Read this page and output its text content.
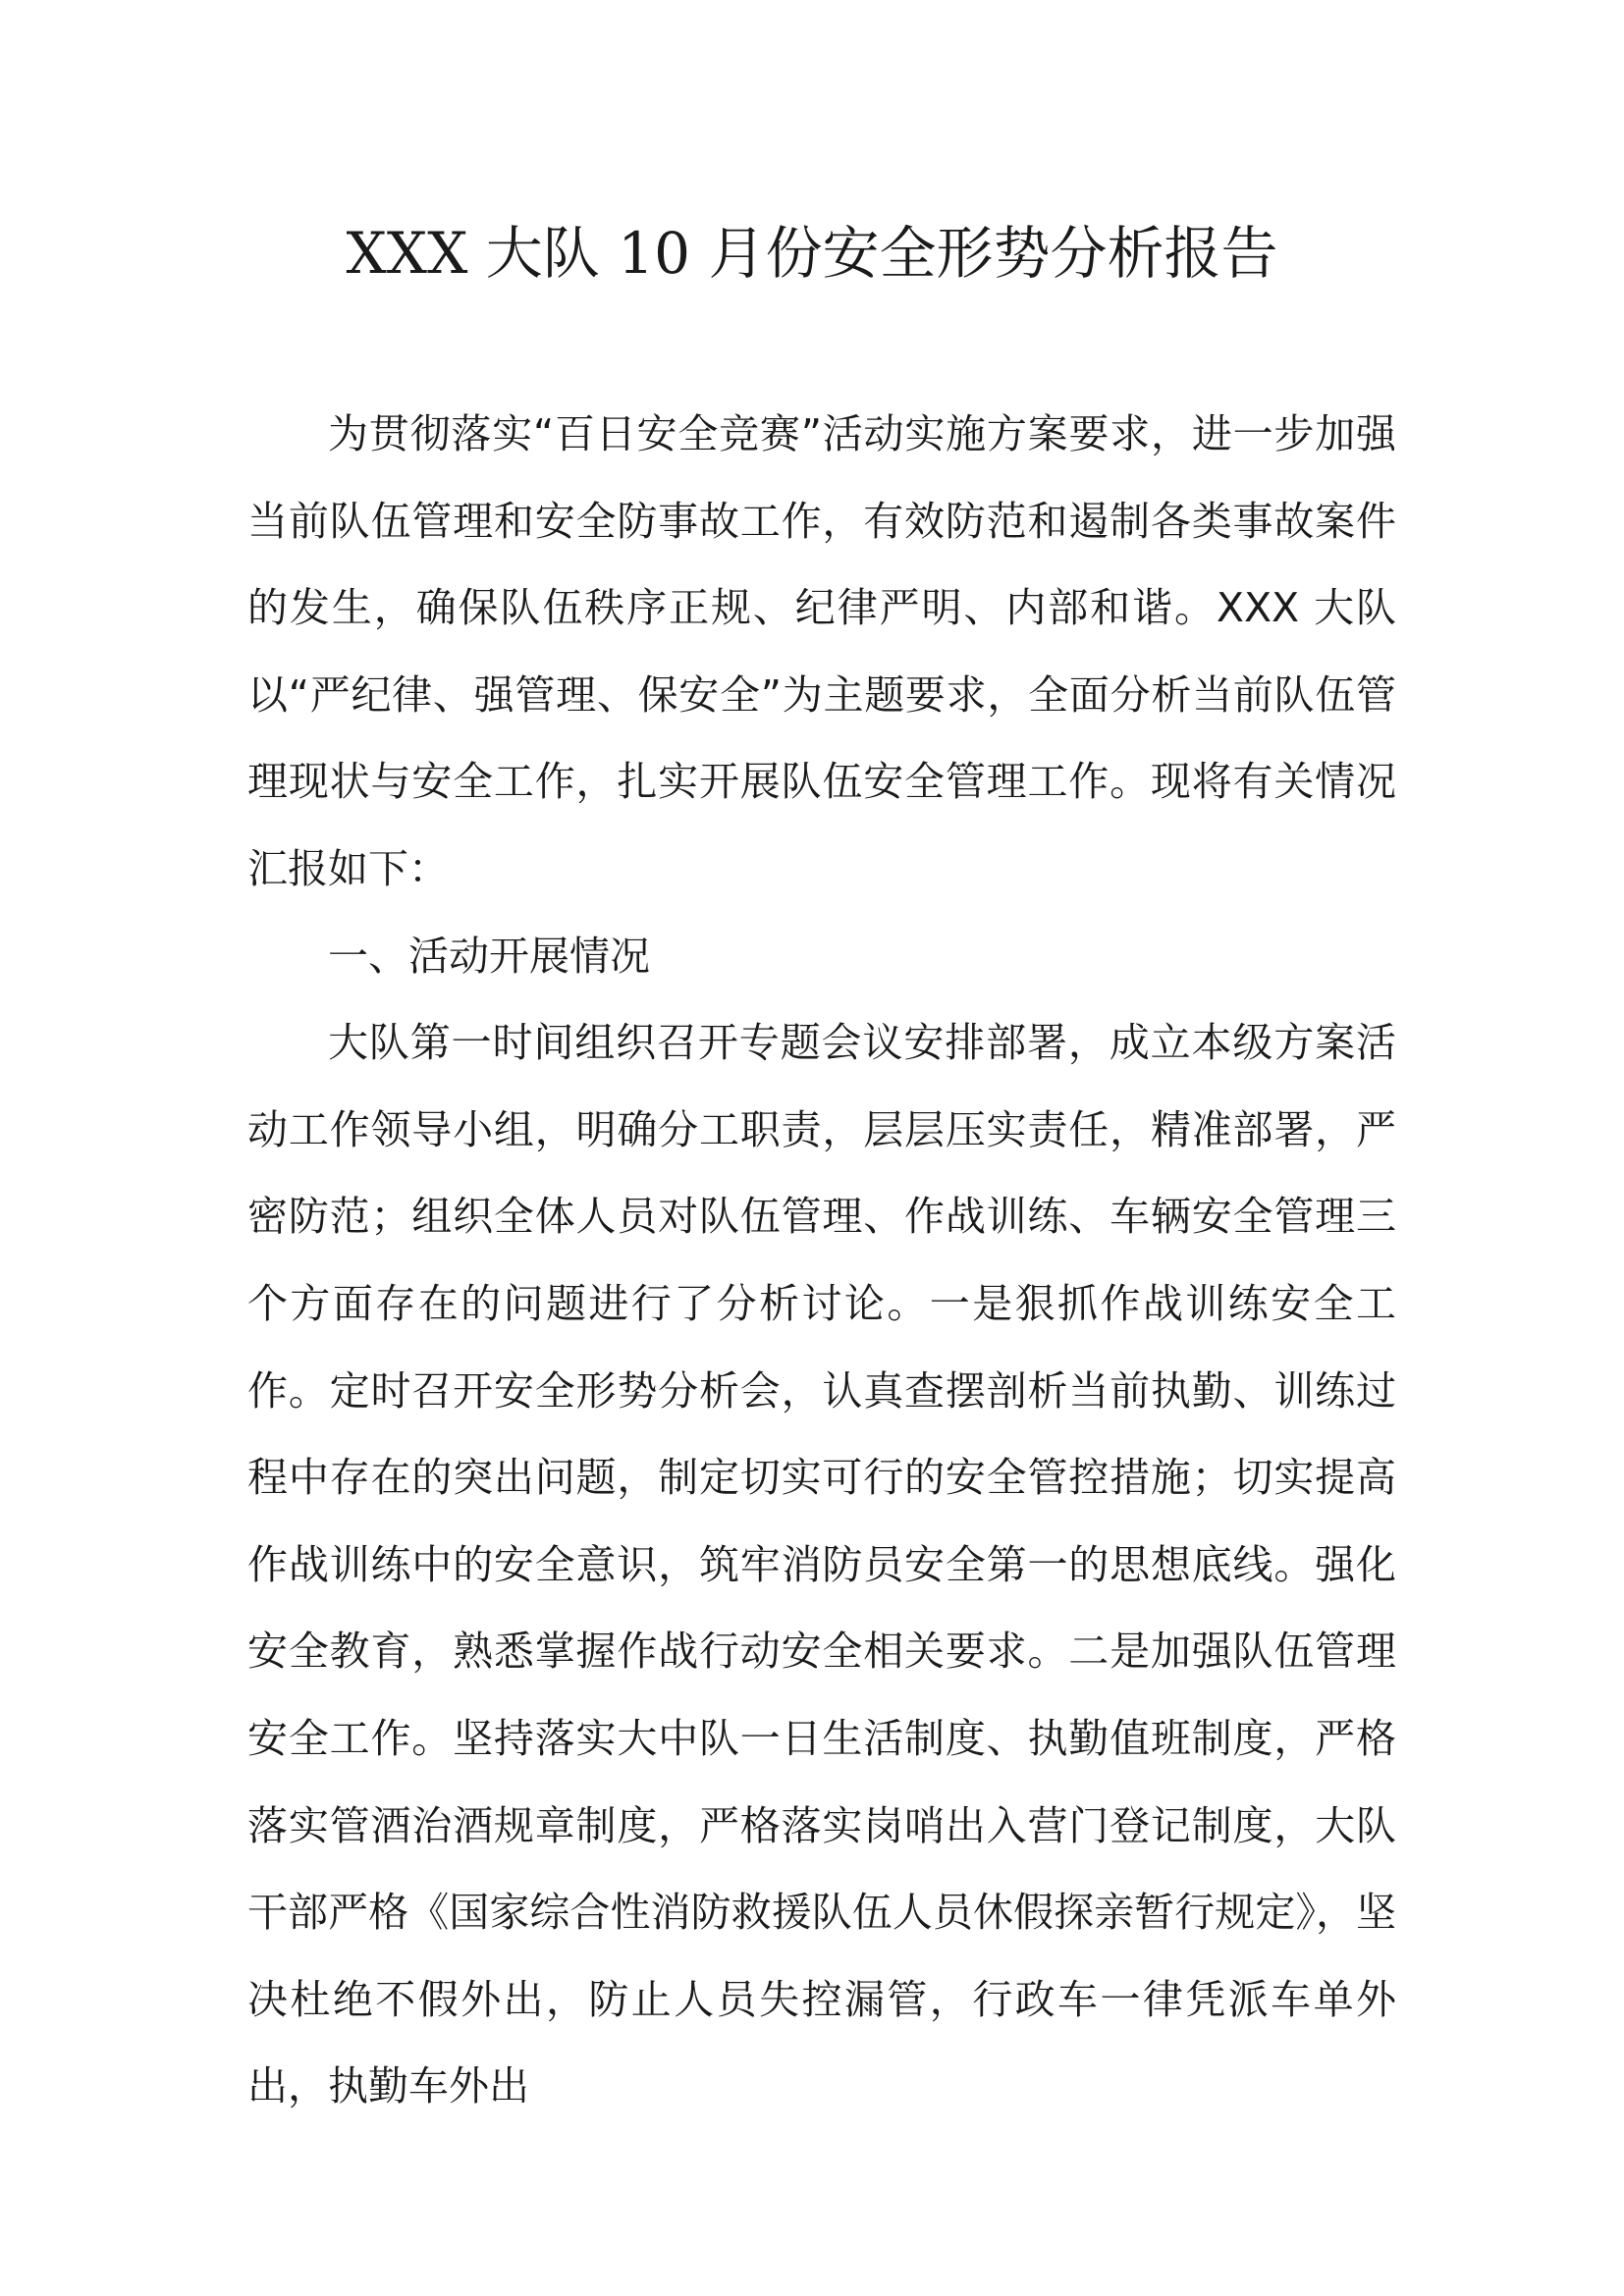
XXX 大队 10 月份安全形势分析报告

为贯彻落实“百日安全竞赛”活动实施方案要求，进一步加强当前队伍管理和安全防事故工作，有效防范和遏制各类事故案件的发生，确保队伍秩序正规、纪律严明、内部和谐。XXX 大队以“严纪律、强管理、保安全”为主题要求，全面分析当前队伍管理现状与安全工作，扎实开展队伍安全管理工作。现将有关情况汇报如下：

一、活动开展情况

大队第一时间组织召开专题会议安排部署，成立本级方案活动工作领导小组，明确分工职责，层层压实责任，精准部署，严密防范；组织全体人员对队伍管理、作战训练、车辆安全管理三个方面存在的问题进行了分析讨论。一是狠抓作战训练安全工作。定时召开安全形势分析会，认真查摆剖析当前执勤、训练过程中存在的突出问题，制定切实可行的安全管控措施；切实提高作战训练中的安全意识，筑牢消防员安全第一的思想底线。强化安全教育，熟悉掌握作战行动安全相关要求。二是加强队伍管理安全工作。坚持落实大中队一日生活制度、执勤值班制度，严格落实管酒治酒规章制度，严格落实岗哨出入营门登记制度，大队干部严格《国家综合性消防救援队伍人员休假探亲暂行规定》，坚决杜绝不假外出，防止人员失控漏管，行政车一律凭派车单外出，执勤车外出
